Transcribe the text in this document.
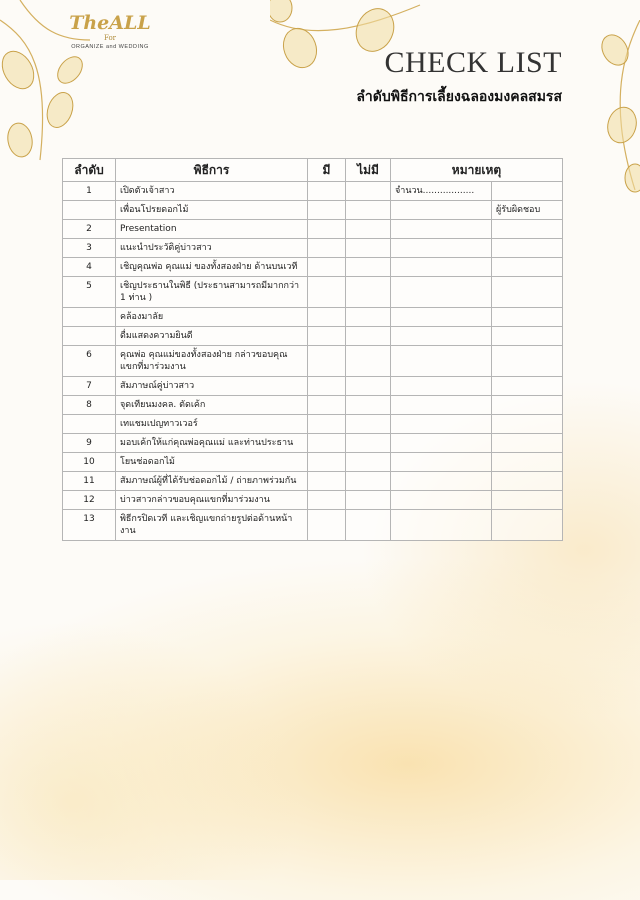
TheALL
For
ORGANIZE and WEDDING	CHECK LIST
ลำดับพิธีการเลี้ยงฉลองมงคลสมรส
ลำดับ	พิธีการ	มี	ไม่มี	หมายเหตุ	
1	เปิดตัวเจ้าสาว			จำนวน..................	
	เพื่อนโปรยดอกไม้				ผู้รับผิดชอบ
2	Presentation				
3	แนะนำประวัติคู่บ่าวสาว				
4	เชิญคุณพ่อ คุณแม่ ของทั้งสองฝ่าย ด้านบนเวที				
5	เชิญประธานในพิธี (ประธานสามารถมีมากกว่า 1 ท่าน )				
	คล้องมาลัย				
	ดื่มแสดงความยินดี				
6	คุณพ่อ คุณแม่ของทั้งสองฝ่าย กล่าวขอบคุณแขกที่มาร่วมงาน				
7	สัมภาษณ์คู่บ่าวสาว				
8	จุดเทียนมงคล. ตัดเค้ก				
	เทแชมเปญทาวเวอร์				
9	มอบเค้กให้แก่คุณพ่อคุณแม่ และท่านประธาน				
10	โยนช่อดอกไม้				
11	สัมภาษณ์ผู้ที่ได้รับช่อดอกไม้ / ถ่ายภาพร่วมกัน				
12	บ่าวสาวกล่าวขอบคุณแขกที่มาร่วมงาน				
13	พิธีกรปิดเวที และเชิญแขกถ่ายรูปต่อด้านหน้างาน				
